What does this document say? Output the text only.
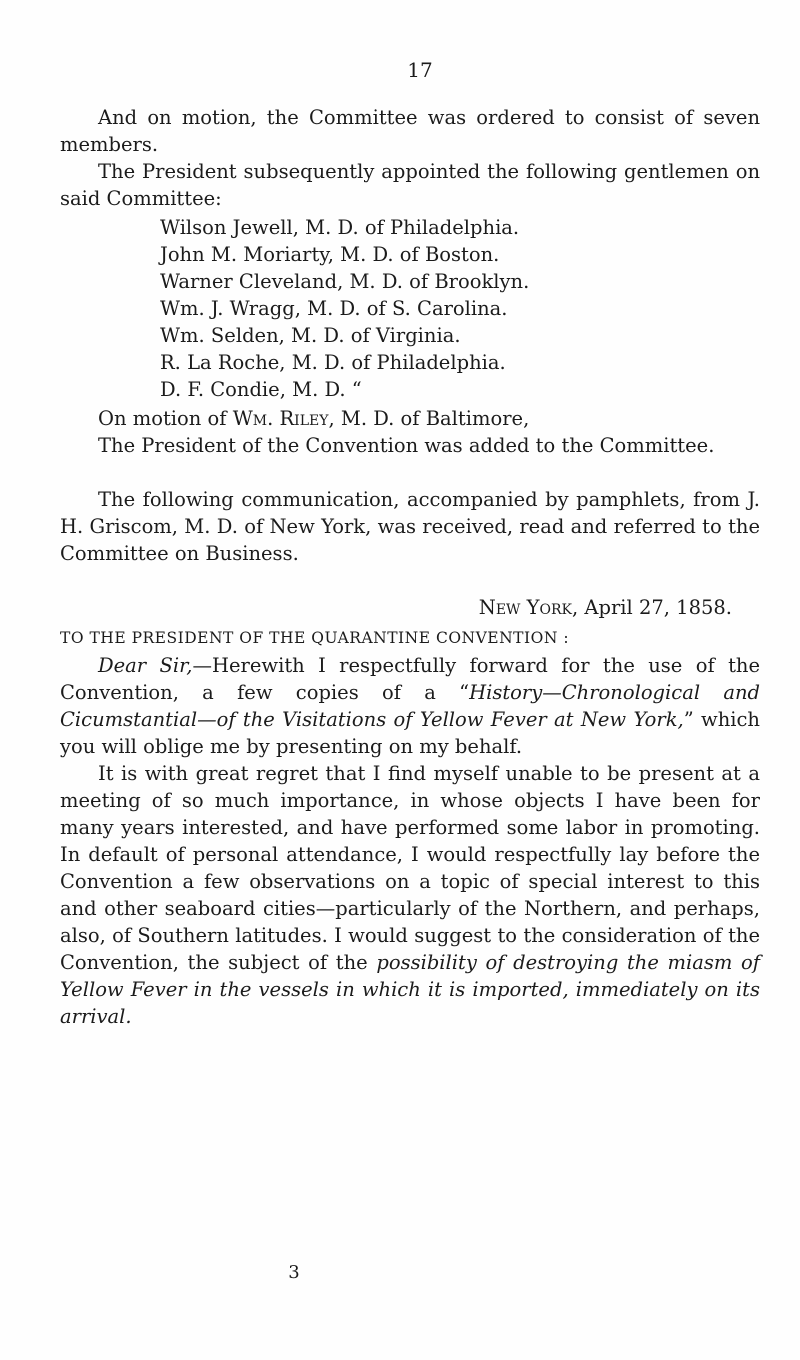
17

And on motion, the Committee was ordered to consist of seven members.

The President subsequently appointed the following gentlemen on said Committee:

Wilson Jewell, M. D. of Philadelphia.
John M. Moriarty, M. D. of Boston.
Warner Cleveland, M. D. of Brooklyn.
Wm. J. Wragg, M. D. of S. Carolina.
Wm. Selden, M. D. of Virginia.
R. La Roche, M. D. of Philadelphia.
D. F. Condie, M. D. “

On motion of Wm. Riley, M. D. of Baltimore,

The President of the Convention was added to the Committee.

The following communication, accompanied by pamphlets, from J. H. Griscom, M. D. of New York, was received, read and referred to the Committee on Business.

New York, April 27, 1858.

TO THE PRESIDENT OF THE QUARANTINE CONVENTION :

Dear Sir,—Herewith I respectfully forward for the use of the Convention, a few copies of a “History—Chronological and Cicumstantial—of the Visitations of Yellow Fever at New York,” which you will oblige me by presenting on my behalf.

It is with great regret that I find myself unable to be present at a meeting of so much importance, in whose objects I have been for many years interested, and have performed some labor in promoting. In default of personal attendance, I would respectfully lay before the Convention a few observations on a topic of special interest to this and other seaboard cities—particularly of the Northern, and perhaps, also, of Southern latitudes. I would suggest to the consideration of the Convention, the subject of the possibility of destroying the miasm of Yellow Fever in the vessels in which it is imported, immediately on its arrival.

3
